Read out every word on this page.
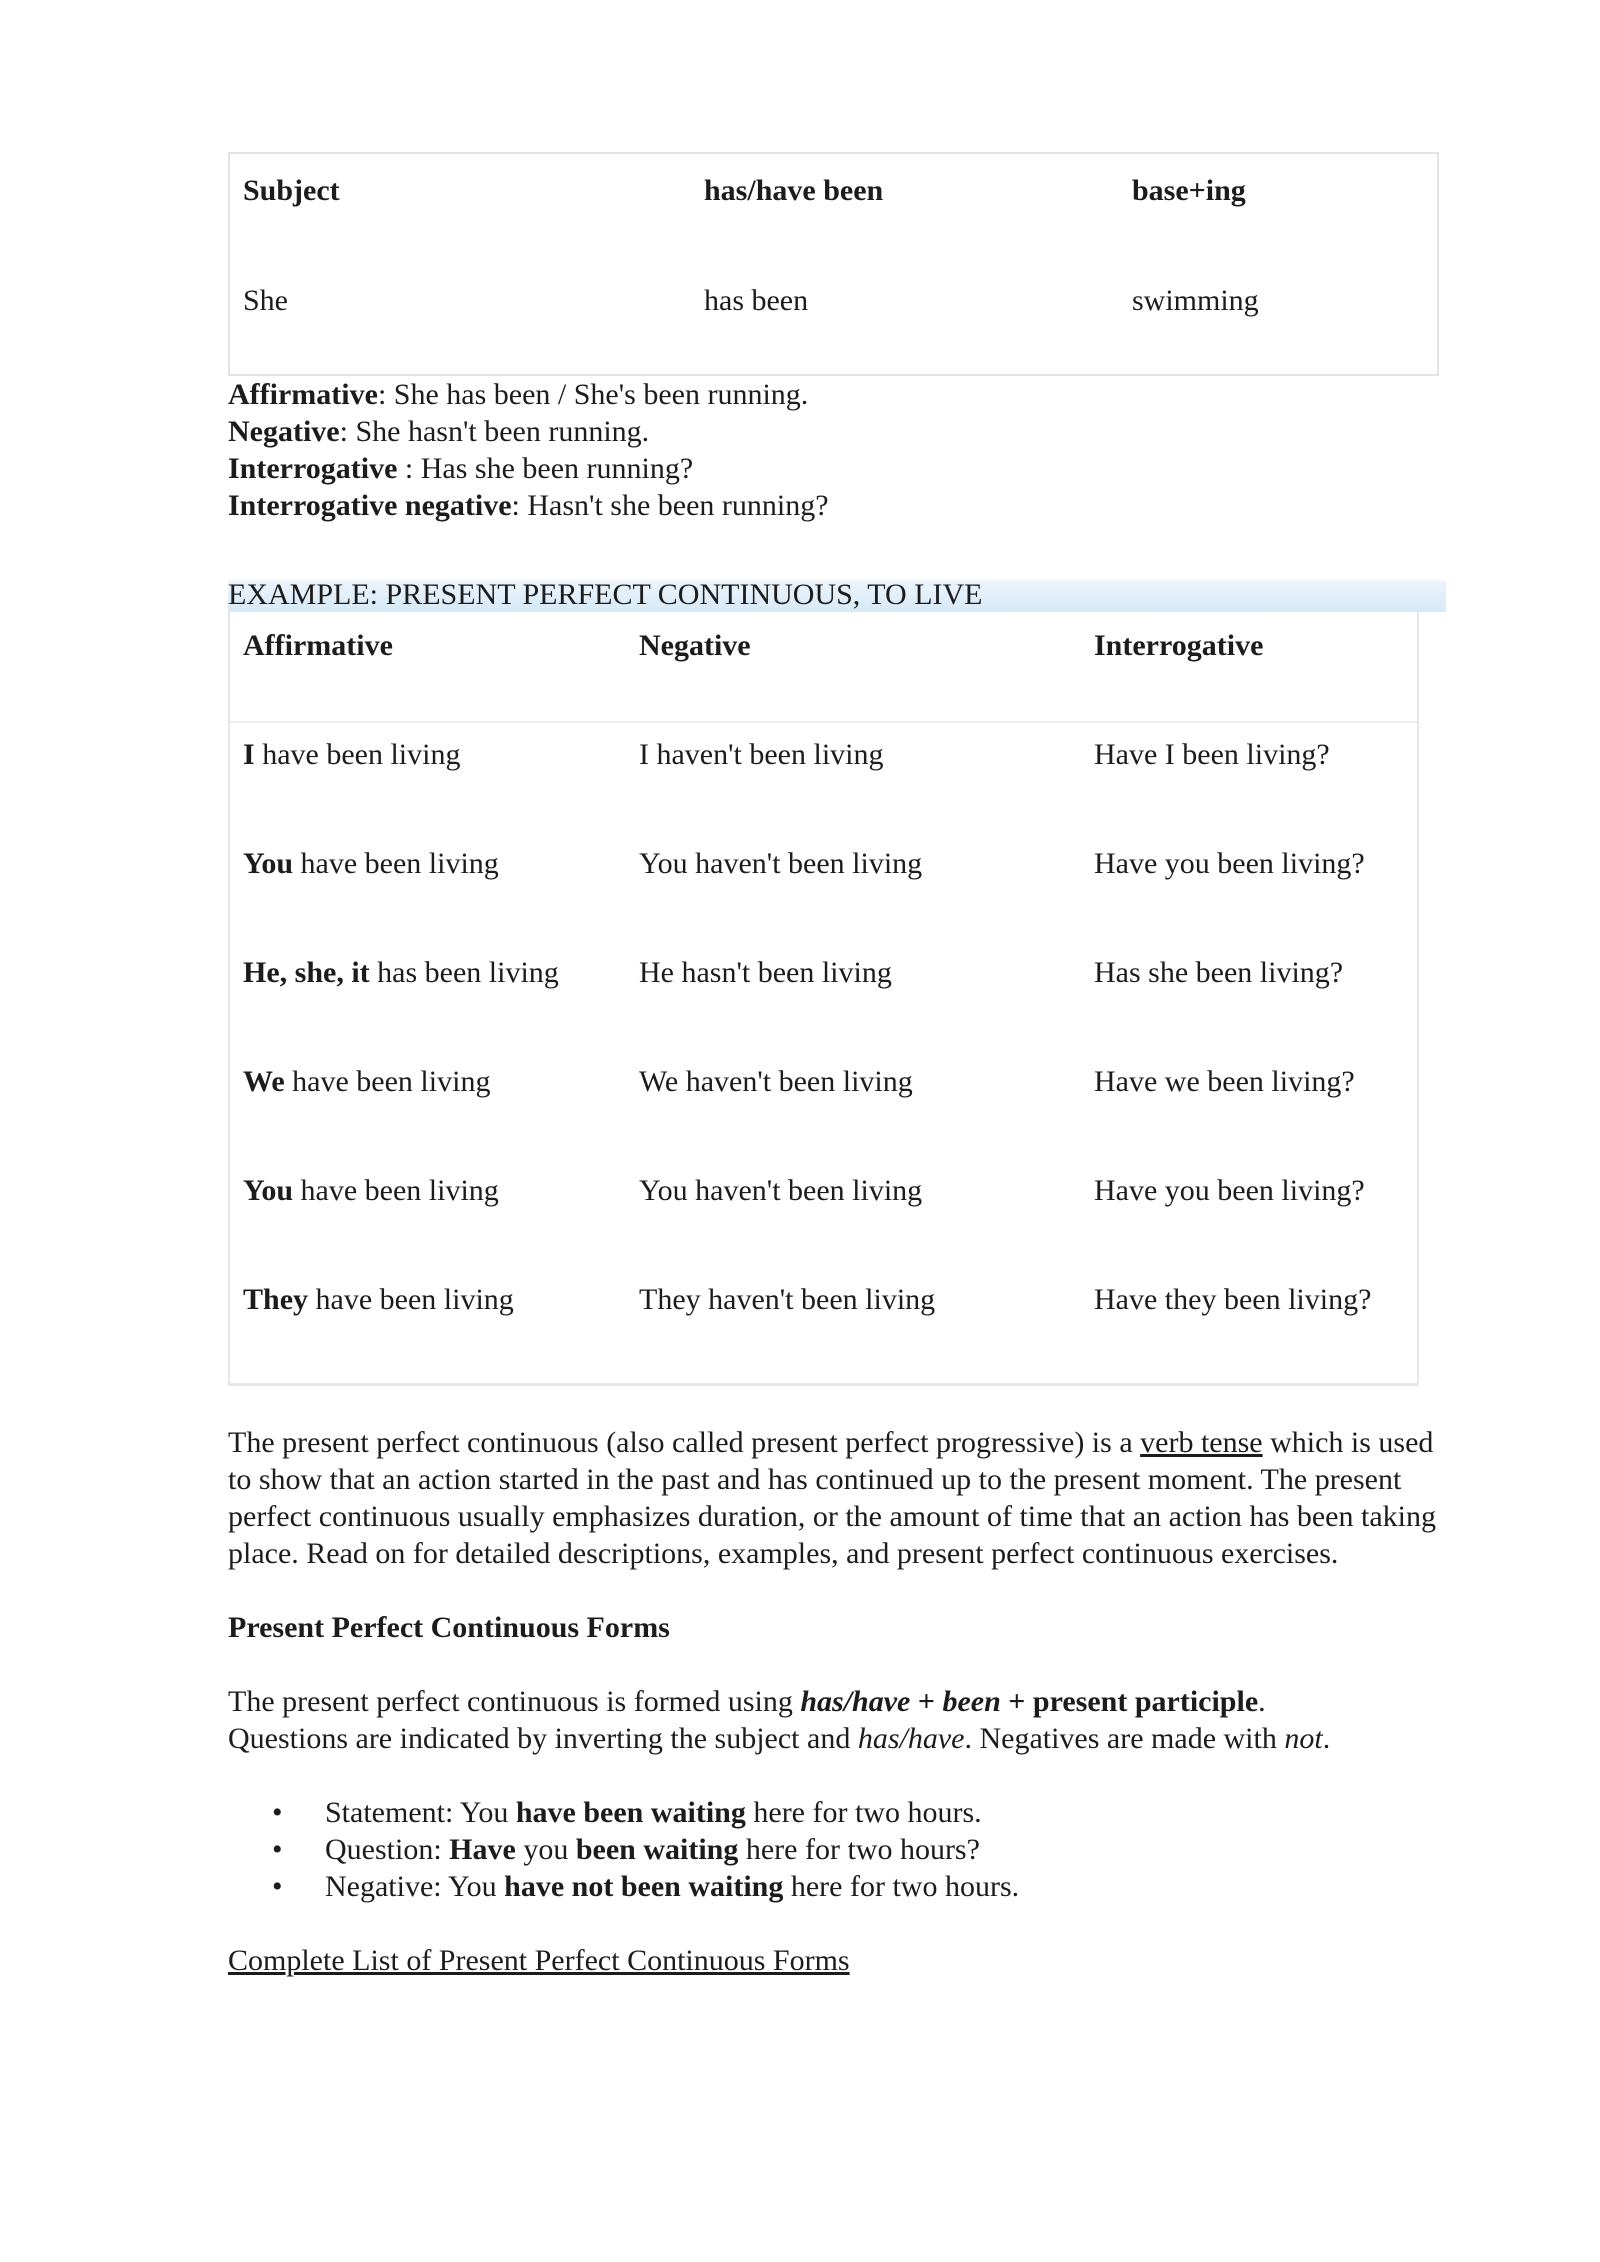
Subject	has/have been	base+ing
She	has been	swimming

Affirmative: She has been / She's been running.

Negative: She hasn't been running.

Interrogative : Has she been running?

Interrogative negative: Hasn't she been running?

EXAMPLE: PRESENT PERFECT CONTINUOUS, TO LIVE
Affirmative	Negative	Interrogative
I have been living	I haven't been living	Have I been living?
You have been living	You haven't been living	Have you been living?
He, she, it has been living	He hasn't been living	Has she been living?
We have been living	We haven't been living	Have we been living?
You have been living	You haven't been living	Have you been living?
They have been living	They haven't been living	Have they been living?

The present perfect continuous (also called present perfect progressive) is a verb tense which is used to show that an action started in the past and has continued up to the present moment. The present perfect continuous usually emphasizes duration, or the amount of time that an action has been taking place. Read on for detailed descriptions, examples, and present perfect continuous exercises.

Present Perfect Continuous Forms

The present perfect continuous is formed using has/have + been + present participle.
Questions are indicated by inverting the subject and has/have. Negatives are made with not.

• Statement: You have been waiting here for two hours.
• Question: Have you been waiting here for two hours?
• Negative: You have not been waiting here for two hours.
Complete List of Present Perfect Continuous Forms
